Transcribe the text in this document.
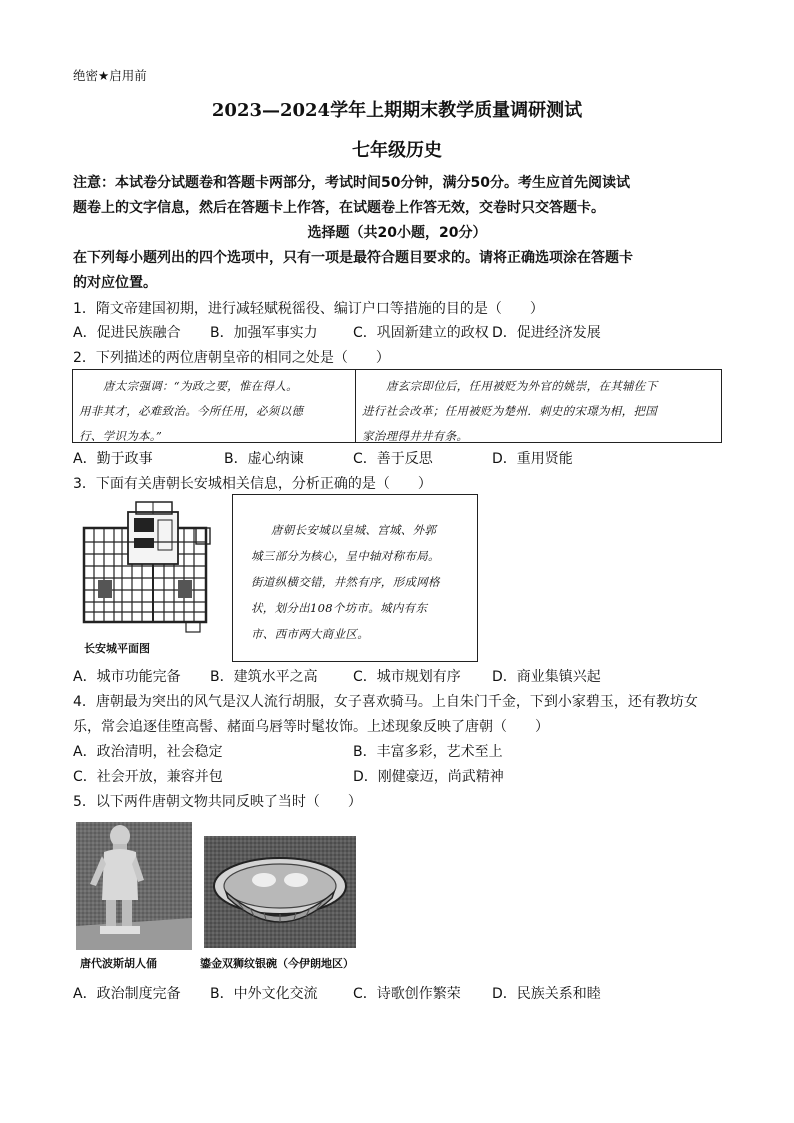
绝密★启用前
2023—2024学年上期期末教学质量调研测试
七年级历史
注意：本试卷分试题卷和答题卡两部分，考试时间50分钟，满分50分。考生应首先阅读试
题卷上的文字信息，然后在答题卡上作答，在试题卷上作答无效，交卷时只交答题卡。
选择题（共20小题，20分）
在下列每小题列出的四个选项中，只有一项是最符合题目要求的。请将正确选项涂在答题卡
的对应位置。
1．隋文帝建国初期，进行减轻赋税徭役、编订户口等措施的目的是（　　）
A．促进民族融合 B．加强军事实力	C．巩固新建立的政权 D．促进经济发展
2．下列描述的两位唐朝皇帝的相同之处是（　　）
唐太宗强调：“为政之要，惟在得人。
用非其才，必难致治。今所任用，必须以德
行、学识为本。”
唐玄宗即位后，任用被贬为外官的姚崇，在其辅佐下
进行社会改革；任用被贬为楚州．刺史的宋璟为相，把国
家治理得井井有条。
A．勤于政事	B．虚心纳谏	C．善于反思	D．重用贤能
3．下面有关唐朝长安城相关信息，分析正确的是（　　）
长安城平面图
唐朝长安城以皇城、宫城、外郭
城三部分为核心，呈中轴对称布局。
街道纵横交错，井然有序，形成网格
状，划分出108个坊市。城内有东
市、西市两大商业区。
A．城市功能完备 B．建筑水平之高	C．城市规划有序 D．商业集镇兴起
4．唐朝最为突出的风气是汉人流行胡服，女子喜欢骑马。上自朱门千金，下到小家碧玉，还有教坊女
乐，常会追逐佳堕高髻、赭面乌唇等时髦妆饰。上述现象反映了唐朝（　　）
A．政治清明，社会稳定	B．丰富多彩，艺术至上
C．社会开放，兼容并包	D．刚健豪迈，尚武精神
5．以下两件唐朝文物共同反映了当时（　　）
唐代波斯胡人俑	鎏金双狮纹银碗（今伊朗地区）
A．政治制度完备 B．中外文化交流	C．诗歌创作繁荣 D．民族关系和睦
